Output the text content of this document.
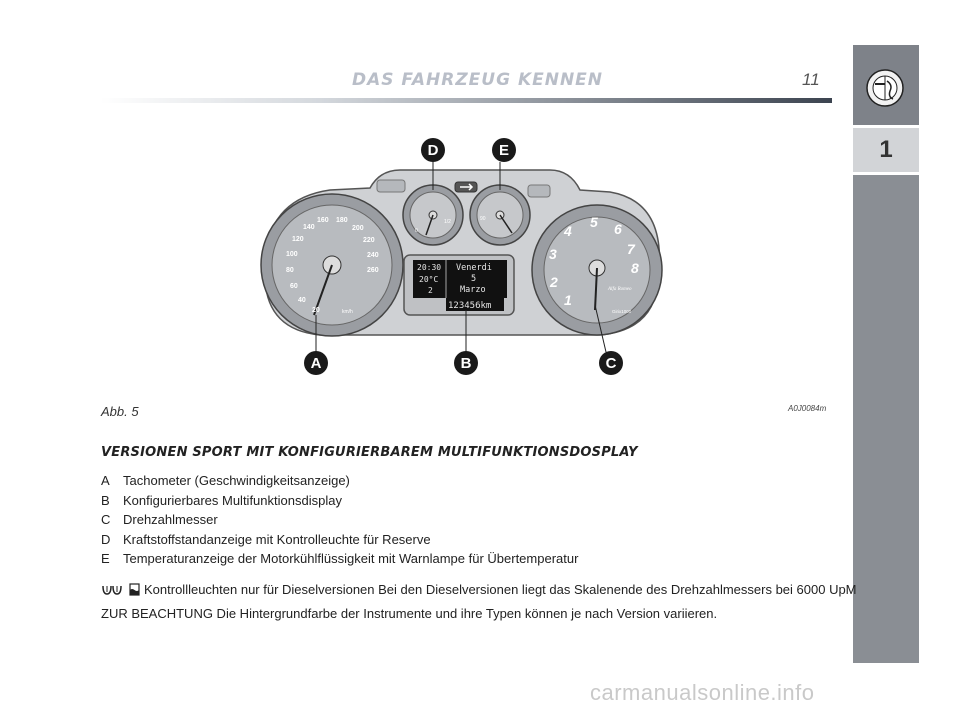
DAS FAHRZEUG KENNEN	11
1
20
40
60
80
100
120
140
160 180
200
220
240
260
km/h
1
2
3
4
5 6
7
8
Girix1000
Alfa Romeo
0
1/2	90
20:30
20°C
2
Venerdi
5
Marzo
123456km
A	B	C
D	E
Abb. 5	A0J0084m
VERSIONEN SPORT MIT KONFIGURIERBAREM MULTIFUNKTIONSDOSPLAY
A	Tachometer (Geschwindigkeitsanzeige)
B	Konfigurierbares Multifunktionsdisplay
C Drehzahlmesser
D Kraftstoffstandanzeige mit Kontrolleuchte für Reserve
E	Temperaturanzeige der Motorkühlflüssigkeit mit Warnlampe für Übertemperatur
Kontrollleuchten nur für Dieselversionen Bei den Dieselversionen liegt das Skalenende des Drehzahlmessers bei 6000 UpM
ZUR BEACHTUNG Die Hintergrundfarbe der Instrumente und ihre Typen können je nach Version variieren.
carmanualsonline.info
